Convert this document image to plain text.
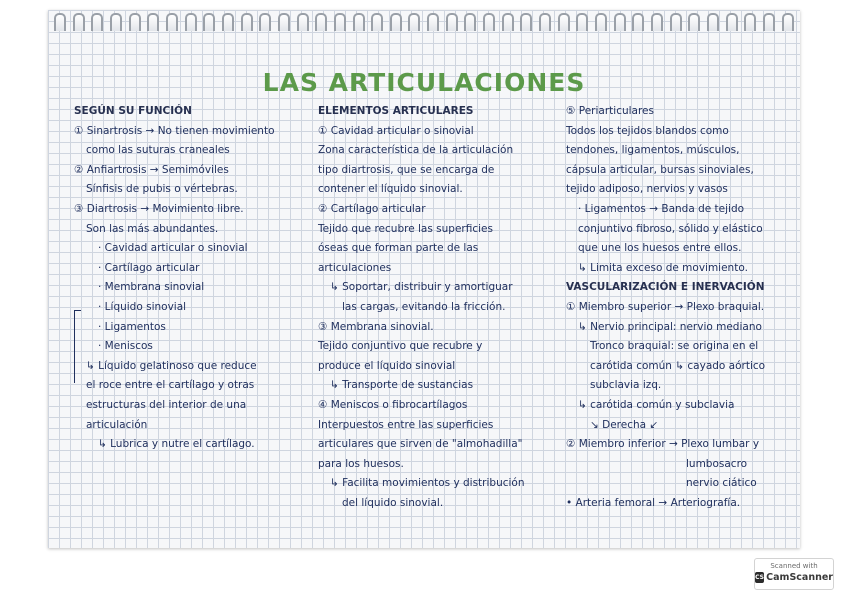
LAS ARTICULACIONES
SEGÚN SU FUNCIÓN
① Sinartrosis → No tienen movimiento
como las suturas craneales
② Anfiartrosis → Semimóviles
Sínfisis de pubis o vértebras.
③ Diartrosis → Movimiento libre.
Son las más abundantes.
· Cavidad articular o sinovial
· Cartílago articular
· Membrana sinovial
· Líquido sinovial
· Ligamentos
· Meniscos
↳ Líquido gelatinoso que reduce
el roce entre el cartílago y otras
estructuras del interior de una
articulación
↳ Lubrica y nutre el cartílago.
ELEMENTOS ARTICULARES
① Cavidad articular o sinovial
Zona característica de la articulación
tipo diartrosis, que se encarga de
contener el líquido sinovial.
② Cartílago articular
Tejido que recubre las superficies
óseas que forman parte de las
articulaciones
↳ Soportar, distribuir y amortiguar
las cargas, evitando la fricción.
③ Membrana sinovial.
Tejido conjuntivo que recubre y
produce el líquido sinovial
↳ Transporte de sustancias
④ Meniscos o fibrocartílagos
Interpuestos entre las superficies
articulares que sirven de "almohadilla"
para los huesos.
↳ Facilita movimientos y distribución
del líquido sinovial.
⑤ Periarticulares
Todos los tejidos blandos como
tendones, ligamentos, músculos,
cápsula articular, bursas sinoviales,
tejido adiposo, nervios y vasos
· Ligamentos → Banda de tejido
conjuntivo fibroso, sólido y elástico
que une los huesos entre ellos.
↳ Limita exceso de movimiento.
VASCULARIZACIÓN E INERVACIÓN
① Miembro superior → Plexo braquial.
↳ Nervio principal: nervio mediano
Tronco braquial: se origina en el
carótida común ↳ cayado aórtico
subclavia izq.
↳ carótida común y subclavia
↘ Derecha ↙
② Miembro inferior → Plexo lumbar y
lumbosacro
nervio ciático
• Arteria femoral → Arteriografía.
Scanned with
CS CamScanner
